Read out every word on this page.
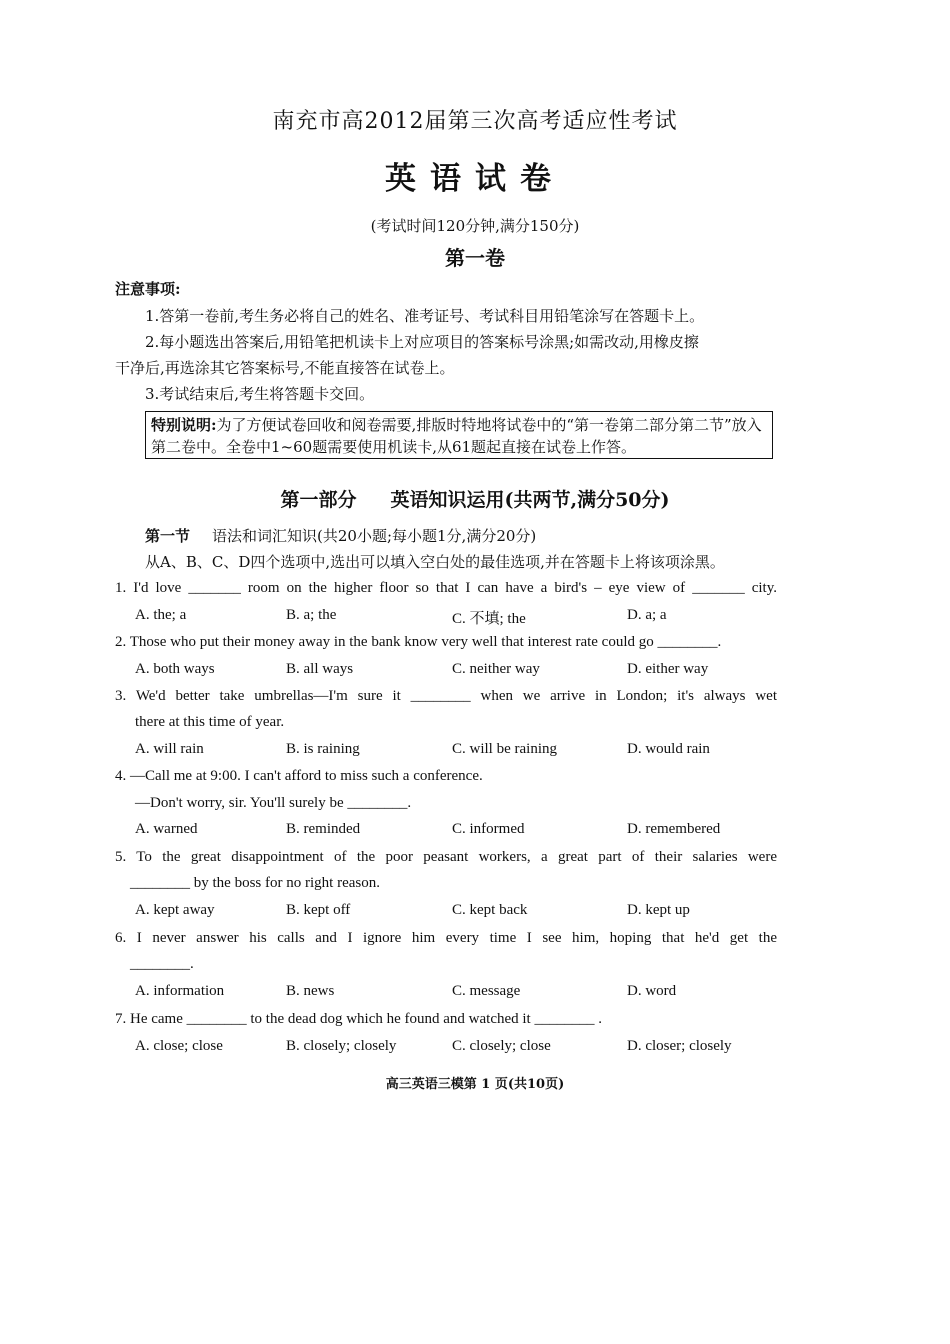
南充市高2012届第三次高考适应性考试
英语试卷
(考试时间120分钟,满分150分)
第一卷
注意事项:
1.答第一卷前,考生务必将自己的姓名、准考证号、考试科目用铅笔涂写在答题卡上。
2.每小题选出答案后,用铅笔把机读卡上对应项目的答案标号涂黑;如需改动,用橡皮擦
干净后,再选涂其它答案标号,不能直接答在试卷上。
3.考试结束后,考生将答题卡交回。
特别说明:为了方便试卷回收和阅卷需要,排版时特地将试卷中的“第一卷第二部分第二节”放入第二卷中。全卷中1~60题需要使用机读卡,从61题起直接在试卷上作答。
第一部分 英语知识运用(共两节,满分50分)
第一节 语法和词汇知识(共20小题;每小题1分,满分20分)
从A、B、C、D四个选项中,选出可以填入空白处的最佳选项,并在答题卡上将该项涂黑。
1. I'd love _______ room on the higher floor so that I can have a bird's – eye view of _______ city.
A. the; a	B. a; the	C. 不填; the	D. a; a
2. Those who put their money away in the bank know very well that interest rate could go ________.
A. both ways	B. all ways	C. neither way	D. either way
3. We'd better take umbrellas—I'm sure it ________ when we arrive in London; it's always wet
there at this time of year.
A. will rain	B. is raining	C. will be raining	D. would rain
4. —Call me at 9:00. I can't afford to miss such a conference.
—Don't worry, sir. You'll surely be ________.
A. warned	B. reminded	C. informed	D. remembered
5. To the great disappointment of the poor peasant workers, a great part of their salaries were
________ by the boss for no right reason.
A. kept away	B. kept off	C. kept back	D. kept up
6. I never answer his calls and I ignore him every time I see him, hoping that he'd get the
________.
A. information	B. news	C. message	D. word
7. He came ________ to the dead dog which he found and watched it ________ .
A. close; close	B. closely; closely	C. closely; close	D. closer; closely
高三英语三模第 1 页(共10页)
